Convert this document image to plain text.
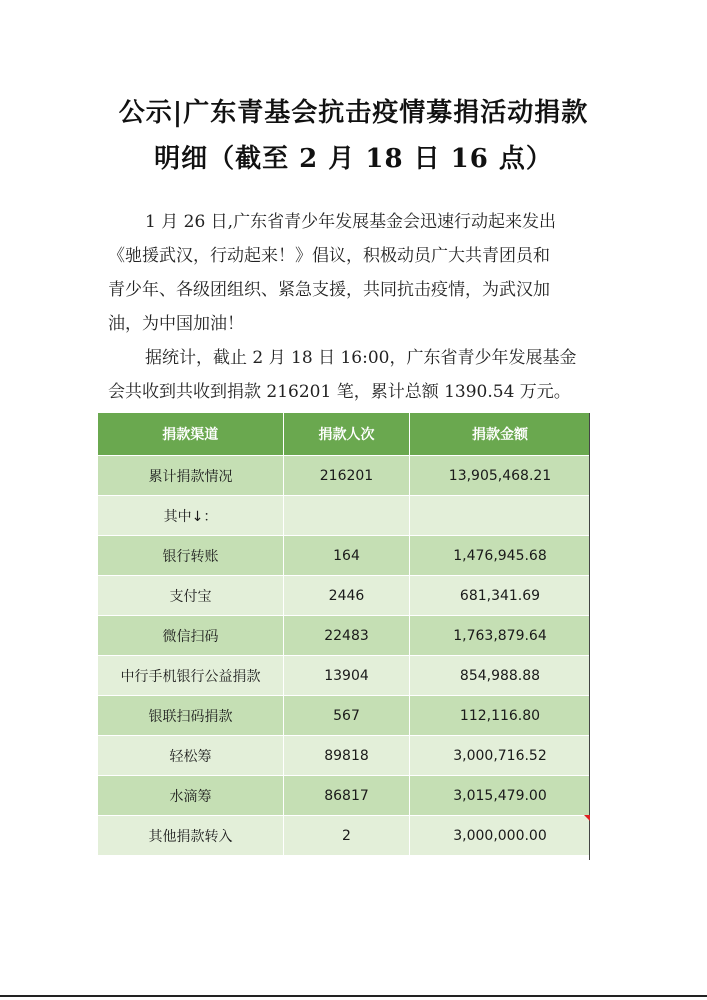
公示|广东青基会抗击疫情募捐活动捐款
明细（截至 2 月 18 日 16 点）
1 月 26 日,广东省青少年发展基金会迅速行动起来发出
《驰援武汉，行动起来！》倡议，积极动员广大共青团员和
青少年、各级团组织、紧急支援，共同抗击疫情，为武汉加
油，为中国加油！
据统计，截止 2 月 18 日 16:00，广东省青少年发展基金
会共收到共收到捐款 216201 笔，累计总额 1390.54 万元。
捐款渠道	捐款人次	捐款金额
累计捐款情况	216201	13,905,468.21
其中↓：		
银行转账	164	1,476,945.68
支付宝	2446	681,341.69
微信扫码	22483	1,763,879.64
中行手机银行公益捐款	13904	854,988.88
银联扫码捐款	567	112,116.80
轻松筹	89818	3,000,716.52
水滴筹	86817	3,015,479.00
其他捐款转入	2	3,000,000.00
